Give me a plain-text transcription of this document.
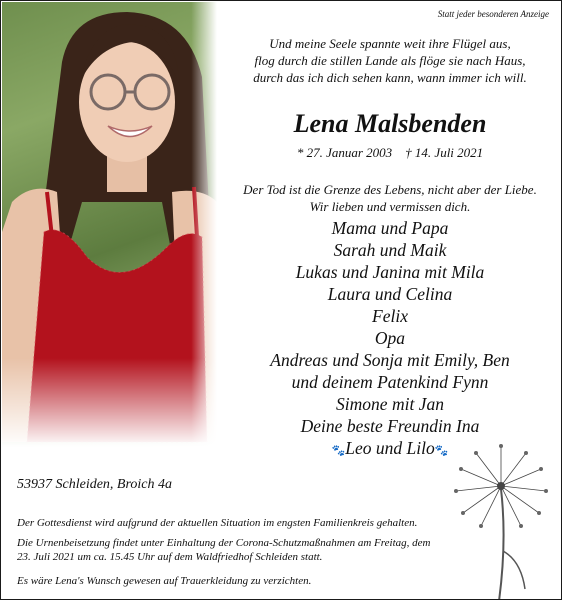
Statt jeder besonderen Anzeige
Und meine Seele spannte weit ihre Flügel aus,
flog durch die stillen Lande als flöge sie nach Haus,
durch das ich dich sehen kann, wann immer ich will.
Lena Malsbenden
* 27. Januar 2003 † 14. Juli 2021
Der Tod ist die Grenze des Lebens, nicht aber der Liebe.
Wir lieben und vermissen dich.
Mama und Papa
Sarah und Maik
Lukas und Janina mit Mila
Laura und Celina
Felix
Opa
Andreas und Sonja mit Emily, Ben
und deinem Patenkind Fynn
Simone mit Jan
Deine beste Freundin Ina
🐾Leo und Lilo🐾
53937 Schleiden, Broich 4a
Der Gottesdienst wird aufgrund der aktuellen Situation im engsten Familienkreis gehalten.
Die Urnenbeisetzung findet unter Einhaltung der Corona-Schutzmaßnahmen am Freitag, dem 23. Juli 2021 um ca. 15.45 Uhr auf dem Waldfriedhof Schleiden statt.
Es wäre Lena's Wunsch gewesen auf Trauerkleidung zu verzichten.
